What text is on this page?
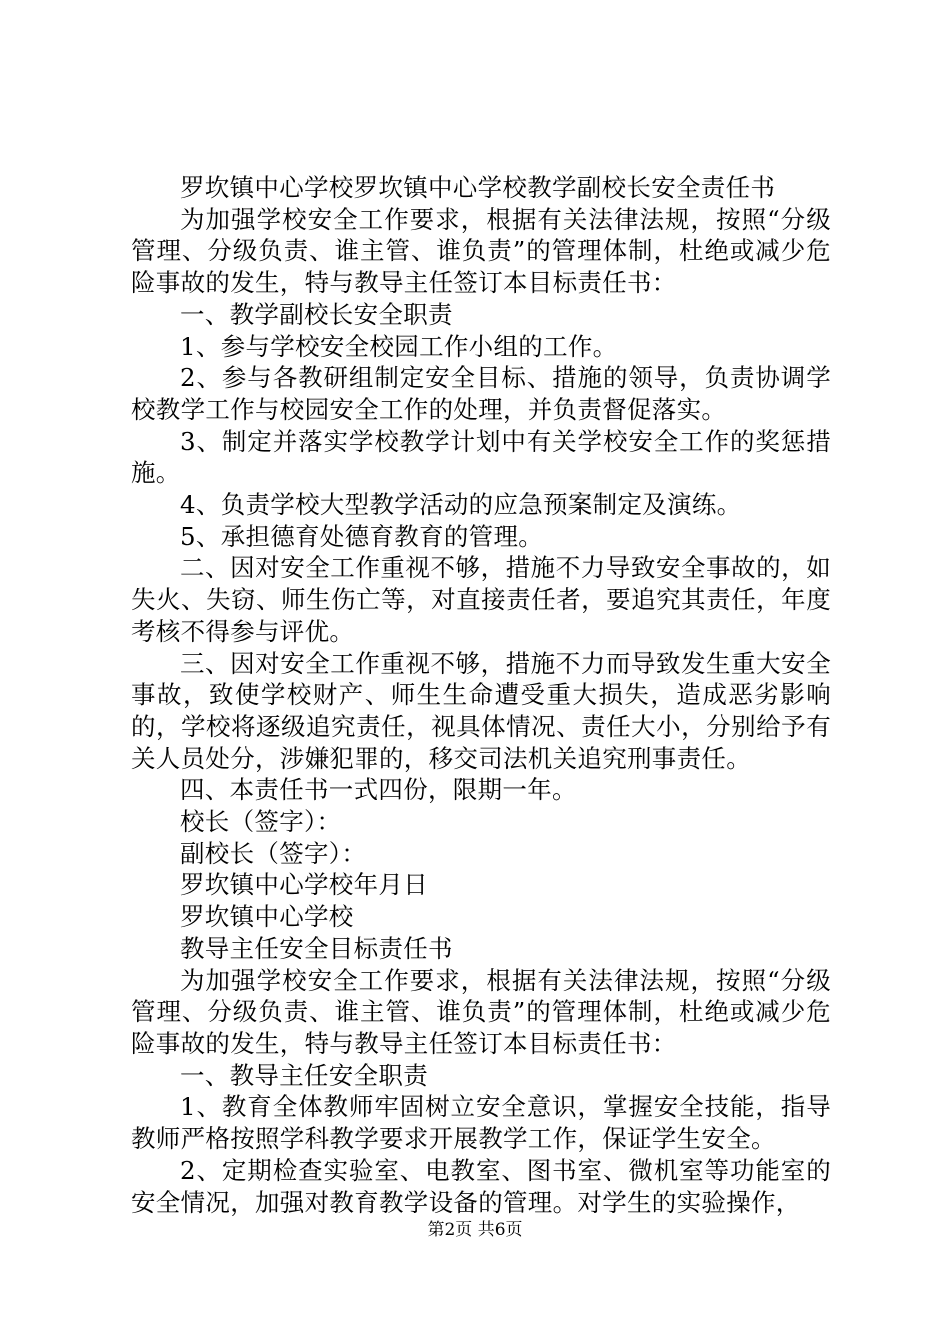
罗坎镇中心学校罗坎镇中心学校教学副校长安全责任书

为加强学校安全工作要求，根据有关法律法规，按照“分级管理、分级负责、谁主管、谁负责”的管理体制，杜绝或减少危险事故的发生，特与教导主任签订本目标责任书：

一、教学副校长安全职责

1、参与学校安全校园工作小组的工作。

2、参与各教研组制定安全目标、措施的领导，负责协调学校教学工作与校园安全工作的处理，并负责督促落实。

3、制定并落实学校教学计划中有关学校安全工作的奖惩措施。

4、负责学校大型教学活动的应急预案制定及演练。

5、承担德育处德育教育的管理。

二、因对安全工作重视不够，措施不力导致安全事故的，如失火、失窃、师生伤亡等，对直接责任者，要追究其责任，年度考核不得参与评优。

三、因对安全工作重视不够，措施不力而导致发生重大安全事故，致使学校财产、师生生命遭受重大损失，造成恶劣影响的，学校将逐级追究责任，视具体情况、责任大小，分别给予有关人员处分，涉嫌犯罪的，移交司法机关追究刑事责任。

四、本责任书一式四份，限期一年。

校长（签字）：

副校长（签字）：

罗坎镇中心学校年月日

罗坎镇中心学校

教导主任安全目标责任书

为加强学校安全工作要求，根据有关法律法规，按照“分级管理、分级负责、谁主管、谁负责”的管理体制，杜绝或减少危险事故的发生，特与教导主任签订本目标责任书：

一、教导主任安全职责

1、教育全体教师牢固树立安全意识，掌握安全技能，指导教师严格按照学科教学要求开展教学工作，保证学生安全。

2、定期检查实验室、电教室、图书室、微机室等功能室的安全情况，加强对教育教学设备的管理。对学生的实验操作，

第2页 共6页
